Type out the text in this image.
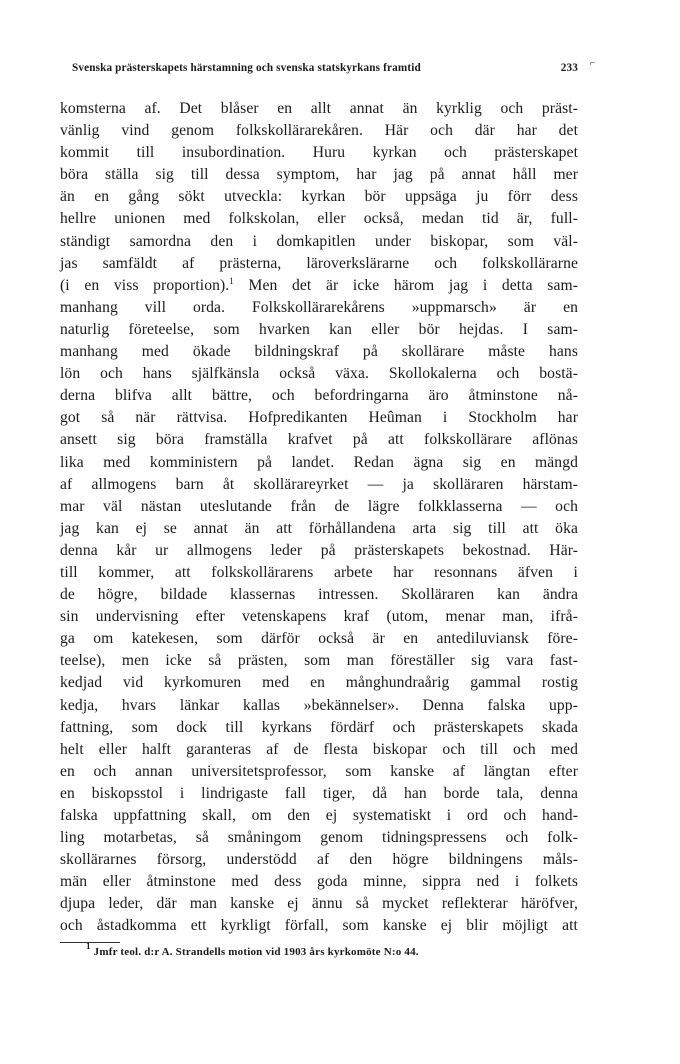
⌐
Svenska prästerskapets härstamning och svenska statskyrkans framtid	233
komsterna af. Det blåser en allt annat än kyrklig och präst-
vänlig vind genom folkskollärarekåren. Här och där har det
kommit till insubordination. Huru kyrkan och prästerskapet
böra ställa sig till dessa symptom, har jag på annat håll mer
än en gång sökt utveckla: kyrkan bör uppsäga ju förr dess
hellre unionen med folkskolan, eller också, medan tid är, full-
ständigt samordna den i domkapitlen under biskopar, som väl-
jas samfäldt af prästerna, läroverkslärarne och folkskollärarne
(i en viss proportion).$^1$ Men det är icke härom jag i detta sam-
manhang vill orda. Folkskollärarekårens »uppmarsch» är en
naturlig företeelse, som hvarken kan eller bör hejdas. I sam-
manhang med ökade bildningskraf på skollärare måste hans
lön och hans själfkänsla också växa. Skollokalerna och bostä-
derna blifva allt bättre, och befordringarna äro åtminstone nå-
got så när rättvisa. Hofpredikanten Heûman i Stockholm har
ansett sig böra framställa krafvet på att folkskollärare aflönas
lika med komministern på landet. Redan ägna sig en mängd
af allmogens barn åt skollärareyrket — ja skolläraren härstam-
mar väl nästan uteslutande från de lägre folkklasserna — och
jag kan ej se annat än att förhållandena arta sig till att öka
denna kår ur allmogens leder på prästerskapets bekostnad. Här-
till kommer, att folkskollärarens arbete har resonnans äfven i
de högre, bildade klassernas intressen. Skolläraren kan ändra
sin undervisning efter vetenskapens kraf (utom, menar man, ifrå-
ga om katekesen, som därför också är en antediluviansk före-
teelse), men icke så prästen, som man föreställer sig vara fast-
kedjad vid kyrkomuren med en månghundraårig gammal rostig
kedja, hvars länkar kallas »bekännelser». Denna falska upp-
fattning, som dock till kyrkans fördärf och prästerskapets skada
helt eller halft garanteras af de flesta biskopar och till och med
en och annan universitetsprofessor, som kanske af längtan efter
en biskopsstol i lindrigaste fall tiger, då han borde tala, denna
falska uppfattning skall, om den ej systematiskt i ord och hand-
ling motarbetas, så småningom genom tidningspressens och folk-
skollärarnes försorg, understödd af den högre bildningens måls-
män eller åtminstone med dess goda minne, sippra ned i folkets
djupa leder, där man kanske ej ännu så mycket reflekterar häröfver,
och åstadkomma ett kyrkligt förfall, som kanske ej blir möjligt att
$^1$ Jmfr teol. d:r A. Strandells motion vid 1903 års kyrkomöte N:o 44.
